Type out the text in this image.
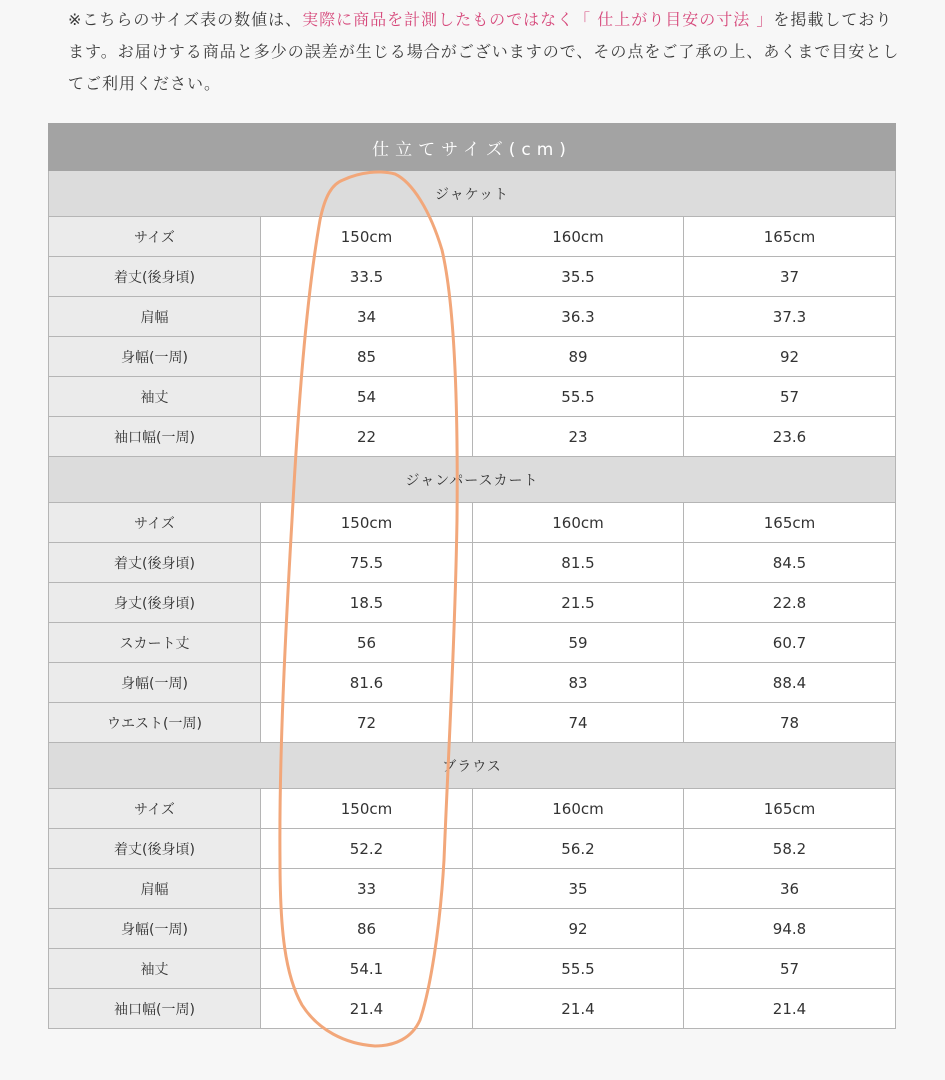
※こちらのサイズ表の数値は、実際に商品を計測したものではなく「 仕上がり目安の寸法 」を掲載しております。お届けする商品と多少の誤差が生じる場合がございますので、その点をご了承の上、あくまで目安としてご利用ください。
仕立てサイズ(cm)			
ジャケット			
サイズ	150cm	160cm	165cm
着丈(後身頃)	33.5	35.5	37
肩幅	34	36.3	37.3
身幅(一周)	85	89	92
袖丈	54	55.5	57
袖口幅(一周)	22	23	23.6
ジャンパースカート			
サイズ	150cm	160cm	165cm
着丈(後身頃)	75.5	81.5	84.5
身丈(後身頃)	18.5	21.5	22.8
スカート丈	56	59	60.7
身幅(一周)	81.6	83	88.4
ウエスト(一周)	72	74	78
ブラウス			
サイズ	150cm	160cm	165cm
着丈(後身頃)	52.2	56.2	58.2
肩幅	33	35	36
身幅(一周)	86	92	94.8
袖丈	54.1	55.5	57
袖口幅(一周)	21.4	21.4	21.4
